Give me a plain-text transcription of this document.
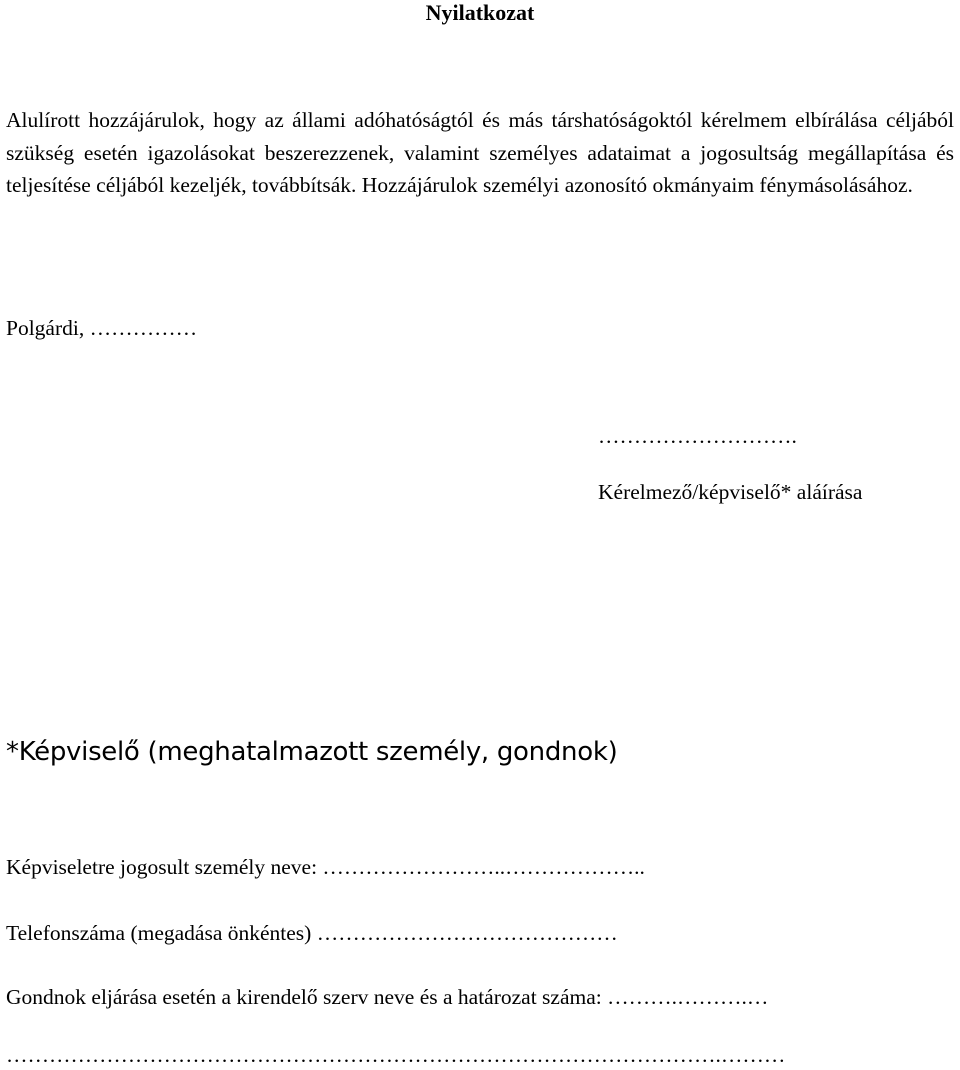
Nyilatkozat

Alulírott hozzájárulok, hogy az állami adóhatóságtól és más társhatóságoktól kérelmem elbírálása céljából szükség esetén igazolásokat beszerezzenek, valamint személyes adataimat a jogosultság megállapítása és teljesítése céljából kezeljék, továbbítsák. Hozzájárulok személyi azonosító okmányaim fénymásolásához.

Polgárdi, ……………
……………………….
Kérelmező/képviselő* aláírása
*Képviselő (meghatalmazott személy, gondnok)
Képviseletre jogosult személy neve: ……………………..………………..
Telefonszáma (megadása önkéntes) ……………………………………
Gondnok eljárása esetén a kirendelő szerv neve és a határozat száma: ……….……….…
……………………………………………………………………………………….………
